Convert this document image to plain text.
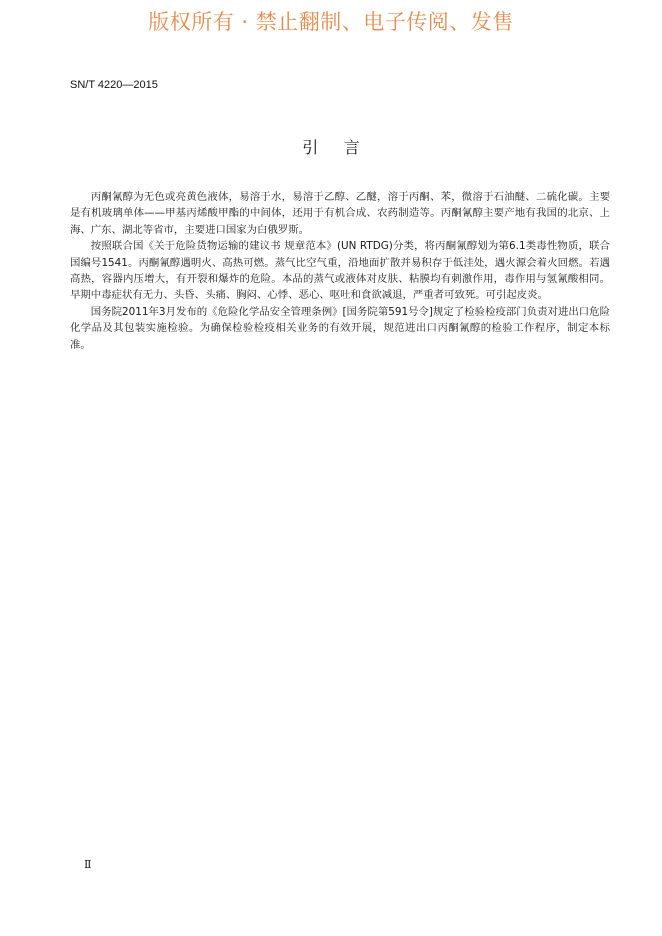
版权所有 · 禁止翻制、电子传阅、发售
SN/T 4220—2015
引言

丙酮氰醇为无色或亮黄色液体，易溶于水，易溶于乙醇、乙醚，溶于丙酮、苯，微溶于石油醚、二硫化碳。主要是有机玻璃单体——甲基丙烯酸甲酯的中间体，还用于有机合成、农药制造等。丙酮氰醇主要产地有我国的北京、上海、广东、湖北等省市，主要进口国家为白俄罗斯。

按照联合国《关于危险货物运输的建议书 规章范本》(UN RTDG)分类，将丙酮氰醇划为第6.1类毒性物质，联合国编号1541。丙酮氰醇遇明火、高热可燃。蒸气比空气重，沿地面扩散并易积存于低洼处，遇火源会着火回燃。若遇高热，容器内压增大，有开裂和爆炸的危险。本品的蒸气或液体对皮肤、粘膜均有刺激作用，毒作用与氢氰酸相同。早期中毒症状有无力、头昏、头痛、胸闷、心悸、恶心、呕吐和食欲减退，严重者可致死。可引起皮炎。

国务院2011年3月发布的《危险化学品安全管理条例》[国务院第591号令]规定了检验检疫部门负责对进出口危险化学品及其包装实施检验。为确保检验检疫相关业务的有效开展，规范进出口丙酮氰醇的检验工作程序，制定本标准。

Ⅱ
